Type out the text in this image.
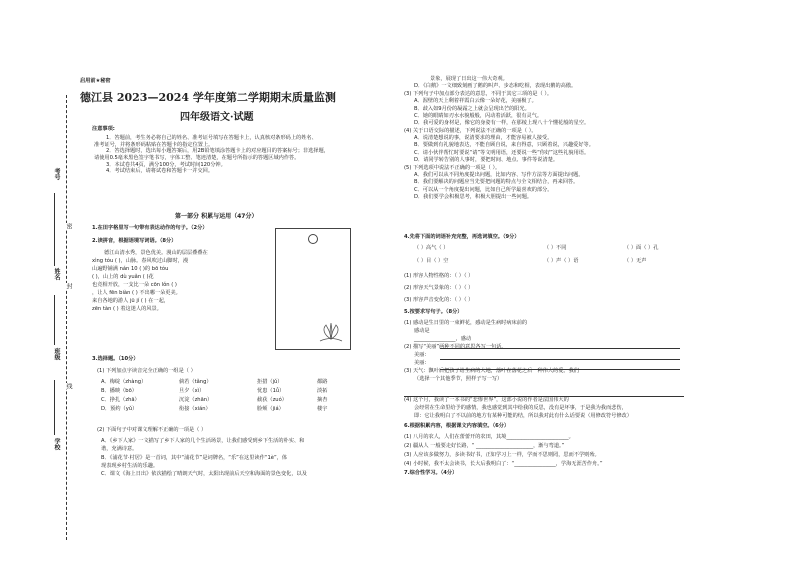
考号
姓名
班级
学校
密
封
线
启用前★秘密
德江县 2023—2024 学年度第二学期期末质量监测
四年级语文·试题
注意事项:
1．答题前，考生务必将自己的姓名、准考证号填写在答题卡上，认真核对条形码上的姓名、
准考证号，并将条形码粘贴在答题卡的指定位置上。
2．答选择题时，选出每小题答案后，用2B铅笔填涂答题卡上的对应题目的答案标号；非选择题，
请使用0.5毫米黑色签字笔书写，字体工整、笔迹清楚，在题号所指示的答题区域内作答。
3．本试卷共4页，满分100分，考试时间120分钟。
4．考试结束后，请将试卷和答题卡一并交回。
第一部分 积累与运用（47分）
1.在田字格里写一句带有表达动作的句子。（2分）
2.读拼音，根据语境写词语。（8分）
德江山清水秀，景色优美。漫山的层层叠叠在
xìng tóu ( )，山脉。春风吹过山脚时，漫
山遍野铺满 nán 10 ( )的 bō tóu
( )，山上的 dù yuǎn ( )花
也竞相开放，一支比一朵 cōn lǒn ( )
，让人 fēn biàn ( ) 不出哪一朵更美。
来自各地的游人 jū jí ( ) 在一起，
zēn tàn ( ) 着这迷人的风景。
3.选择题。（10分）
(1) 下列加点字读音完全正确的一组是（ ）
A．梅绽（zhàng）	倘若（tǎng）	拒措（jǔ）	都路
B．播映（bō）	旦夕（xì）	忧患（1ǚ）	淡拓
C．挣扎（zhā）	沉淀（zhān）	截获（zuó）	摘杏
D．预约（yǔ）	衔接（xián）	脸颊（jiá）	楼宇
(2) 下面句子中对课文理解不正确的一项是（ ）
A．《乡下人家》一文描写了乡下人家的几个生活场景，让我们感受到乡下生活的朴实、和
谐，充满诗意。
B．《浦花节·村居》是一首词，其中“浦花节”是词牌名，“乐”在这里读作“1è”，体
现表现乡村生活的乐趣。
C．课文《海上日出》依次描绘了晴朗天气时，太阳出现前后天空和海面的景色变化，以及
景象，展现了日出这一伟大奇观。
D．《白鹅》一文细致刻画了鹅的叫声、步态和吃相，表现出鹅的高傲。
(3) 下列句子中加点部分表达的意思，不同于其它三项的是（ ）。
A．渥壁的天上剩着祥霞白云像一朵好花，美丽极了。
B．歧入如9月份的凝霜之上就会呈现出芒的阳光。
C．她的眼睛如刃水水貌般般，闪动着活跃，很有灵气。
D．我可爱的身材是，像它的身姿有一样，在那棱上现八十个懂花般的星空。
(4) 关于口语交际的描述，下列说法不正确的一项是（ ）。
A．说清楚想说的事，说清要求的理由，才能容易被人接受。
B．要做到有礼貌地表达，不能自顾自说，来自得意，只顾着说，兴趣爱好等。
C．请小伙伴帮忙时要说“请”等文明用语，还要说一些“你好”这些礼貌用语。
D．请同学转告别的人事时，要把时间、地点、事件等说清楚。
(5) 下列选项中说法不正确的一项是（ ）。
A．我们可以从不同角度提出问题，比如内容、写作方法等方面提出问题。
B．我们要解决的问题应当先要把问题的特点与全文相结合，再来回答。
C．可以从一个角度提出问题，比如自己所学最喜欢的部分。
D．我们要学会积极思考，积极大胆提出一些问题。
4.先将下面的词语补充完整，再选词填空。（9分）
（ ）高气（ ）	（ ）不同	（ ）面（ ）孔
（ ）目（ ）空	（ ）声（ ）语	（ ）无声
(1) 形容人物性格的：（ ）（ ）
(2) 形容天气景象的：（ ）（ ）
(3) 形容声音变化的：（ ）（ ）
5.按要求写句子。（8分）
(1) 感动是生日里的一束鲜花，感动是生病时病床前的
感动是
________________，感动
(2) 描写“美丽”两种不同的意思各写一句话。
美丽：
美丽：
(3) 天气：飘叶后把孩子给生病的大地，落叶在落花之后一种伟大的爱。我们
（选择一个其他季节，照样子写一写）
(4) 这个月，我读了一本书的“悲惨世界”，这部小说的作者是法国伟大的
会经常在生命里给予的感情，我也感觉到其中给我的反思，没有是坏事，于是我为我而悲伤，
即：它让我明白了不以前的地方有某种可能的结，所以我对此有什么话要说（用修改符号修改）
6.根据积累内容，根据课文内容填空。（6分）
(1) 八月的农人，人们在蕾蕾开的农田，其境________________________。
(2) 疆从人 一般要走好长路，“ ______________________，渐与弯道。”
(3) 人应该多做努力，多读书好书，正如学习上一样，学而不思则罔，思而不学则殆。
(4) 小时候，我不太会读书，长大后我明白了：“________________，学海无涯苦作舟。”
7.综合性学习。（4分）
